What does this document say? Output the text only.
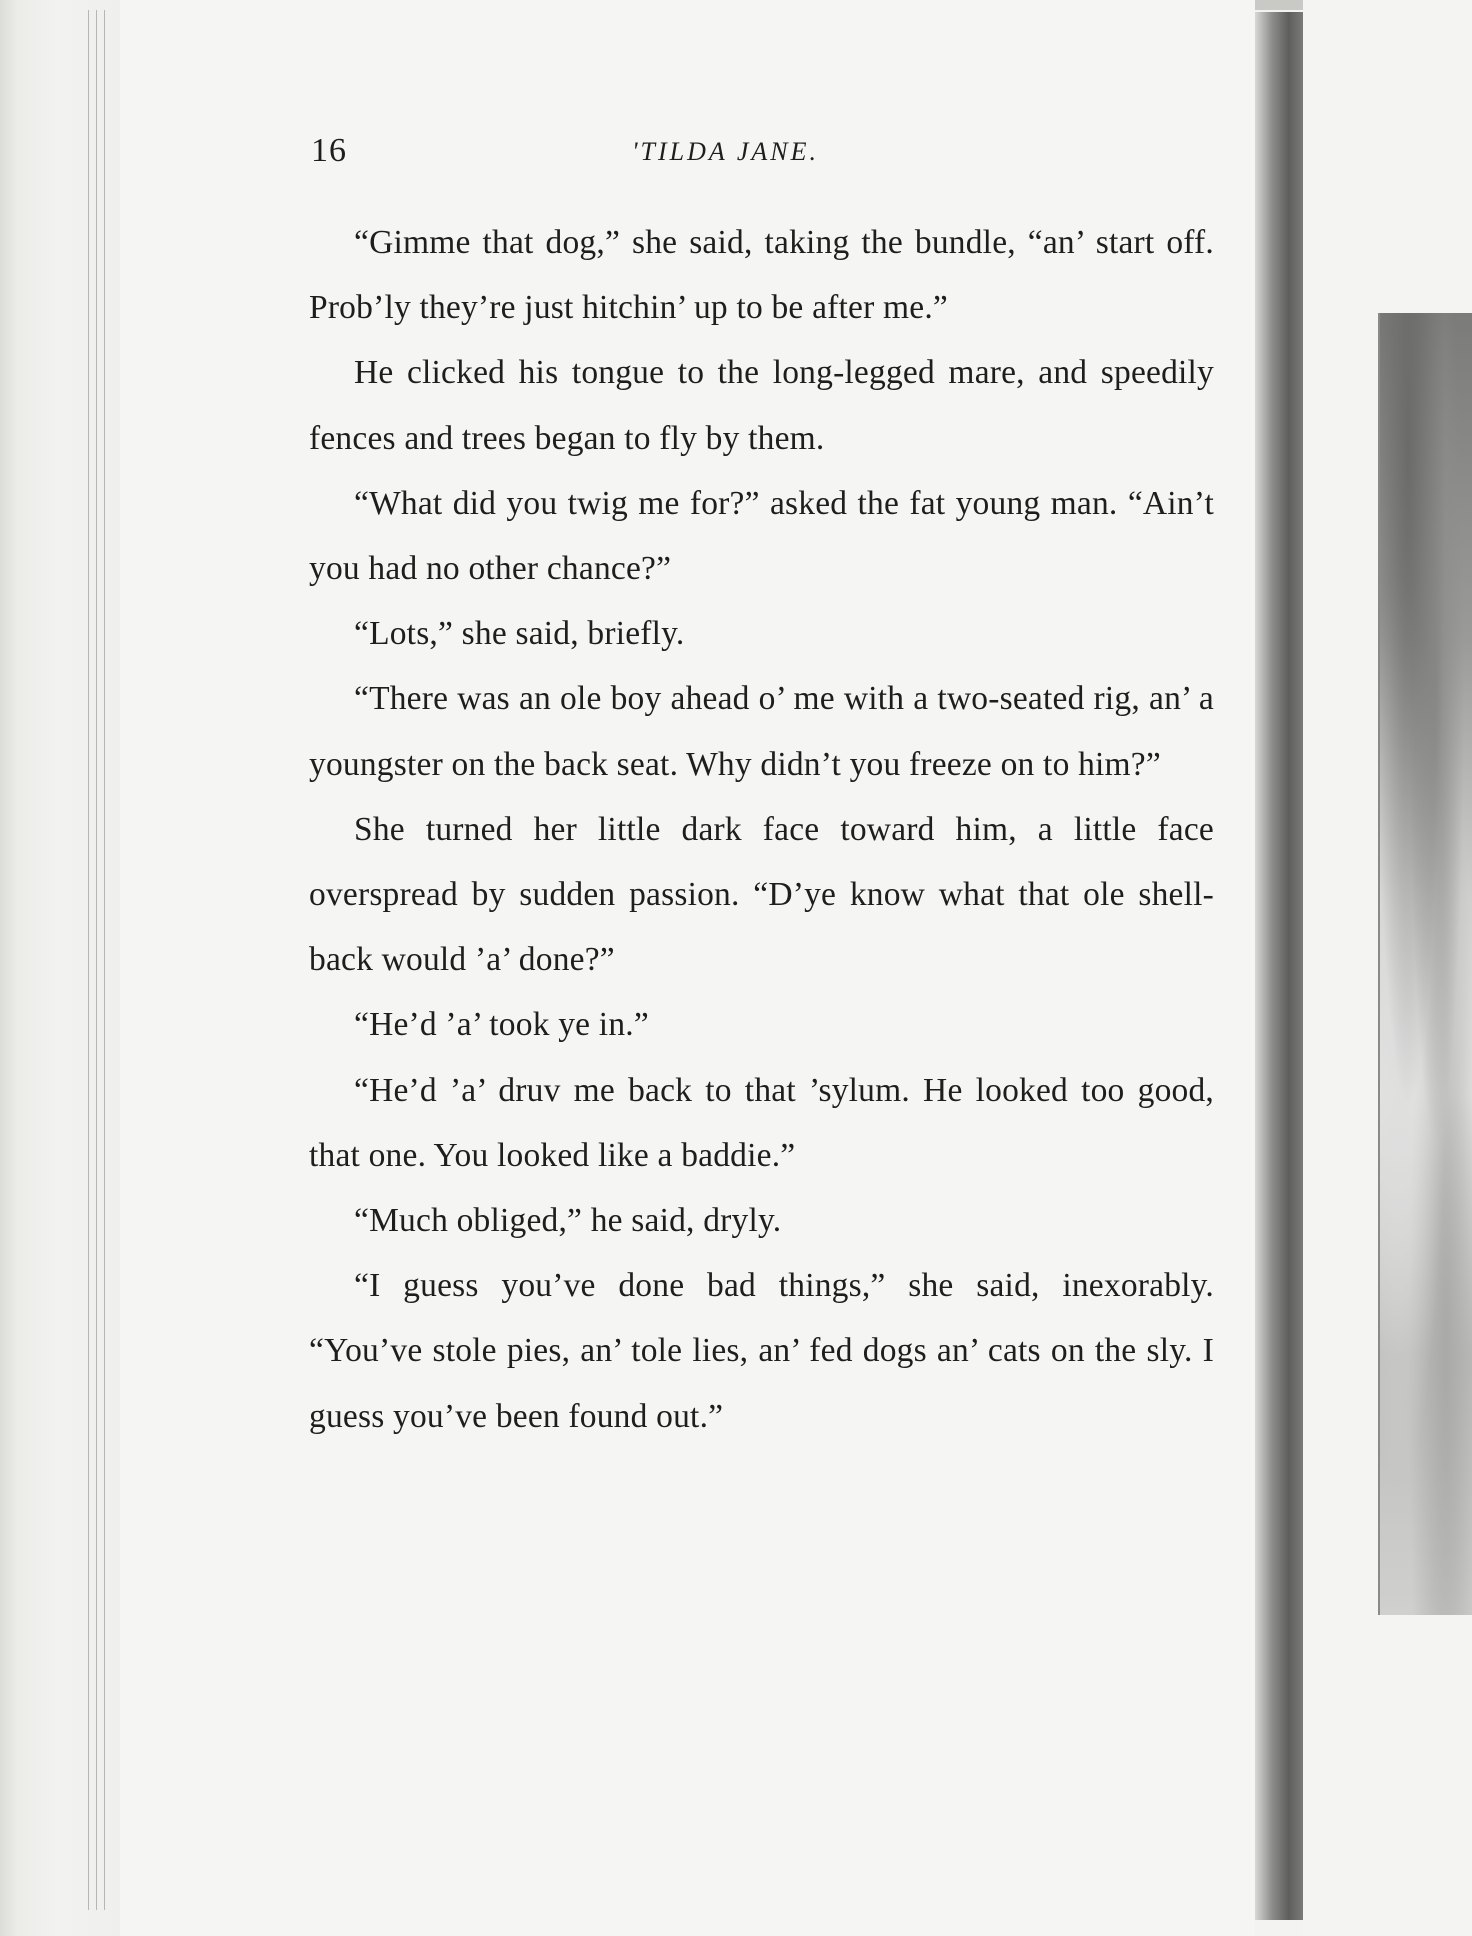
16	'TILDA JANE.

“Gimme that dog,” she said, taking the bundle, “an’ start off. Prob’ly they’re just hitchin’ up to be after me.”

He clicked his tongue to the long-legged mare, and speedily fences and trees began to fly by them.

“What did you twig me for?” asked the fat young man. “Ain’t you had no other chance?”

“Lots,” she said, briefly.

“There was an ole boy ahead o’ me with a two-seated rig, an’ a youngster on the back seat. Why didn’t you freeze on to him?”

She turned her little dark face toward him, a little face overspread by sudden passion. “D’ye know what that ole shell-back would ’a’ done?”

“He’d ’a’ took ye in.”

“He’d ’a’ druv me back to that ’sylum. He looked too good, that one. You looked like a baddie.”

“Much obliged,” he said, dryly.

“I guess you’ve done bad things,” she said, inexorably. “You’ve stole pies, an’ tole lies, an’ fed dogs an’ cats on the sly. I guess you’ve been found out.”
